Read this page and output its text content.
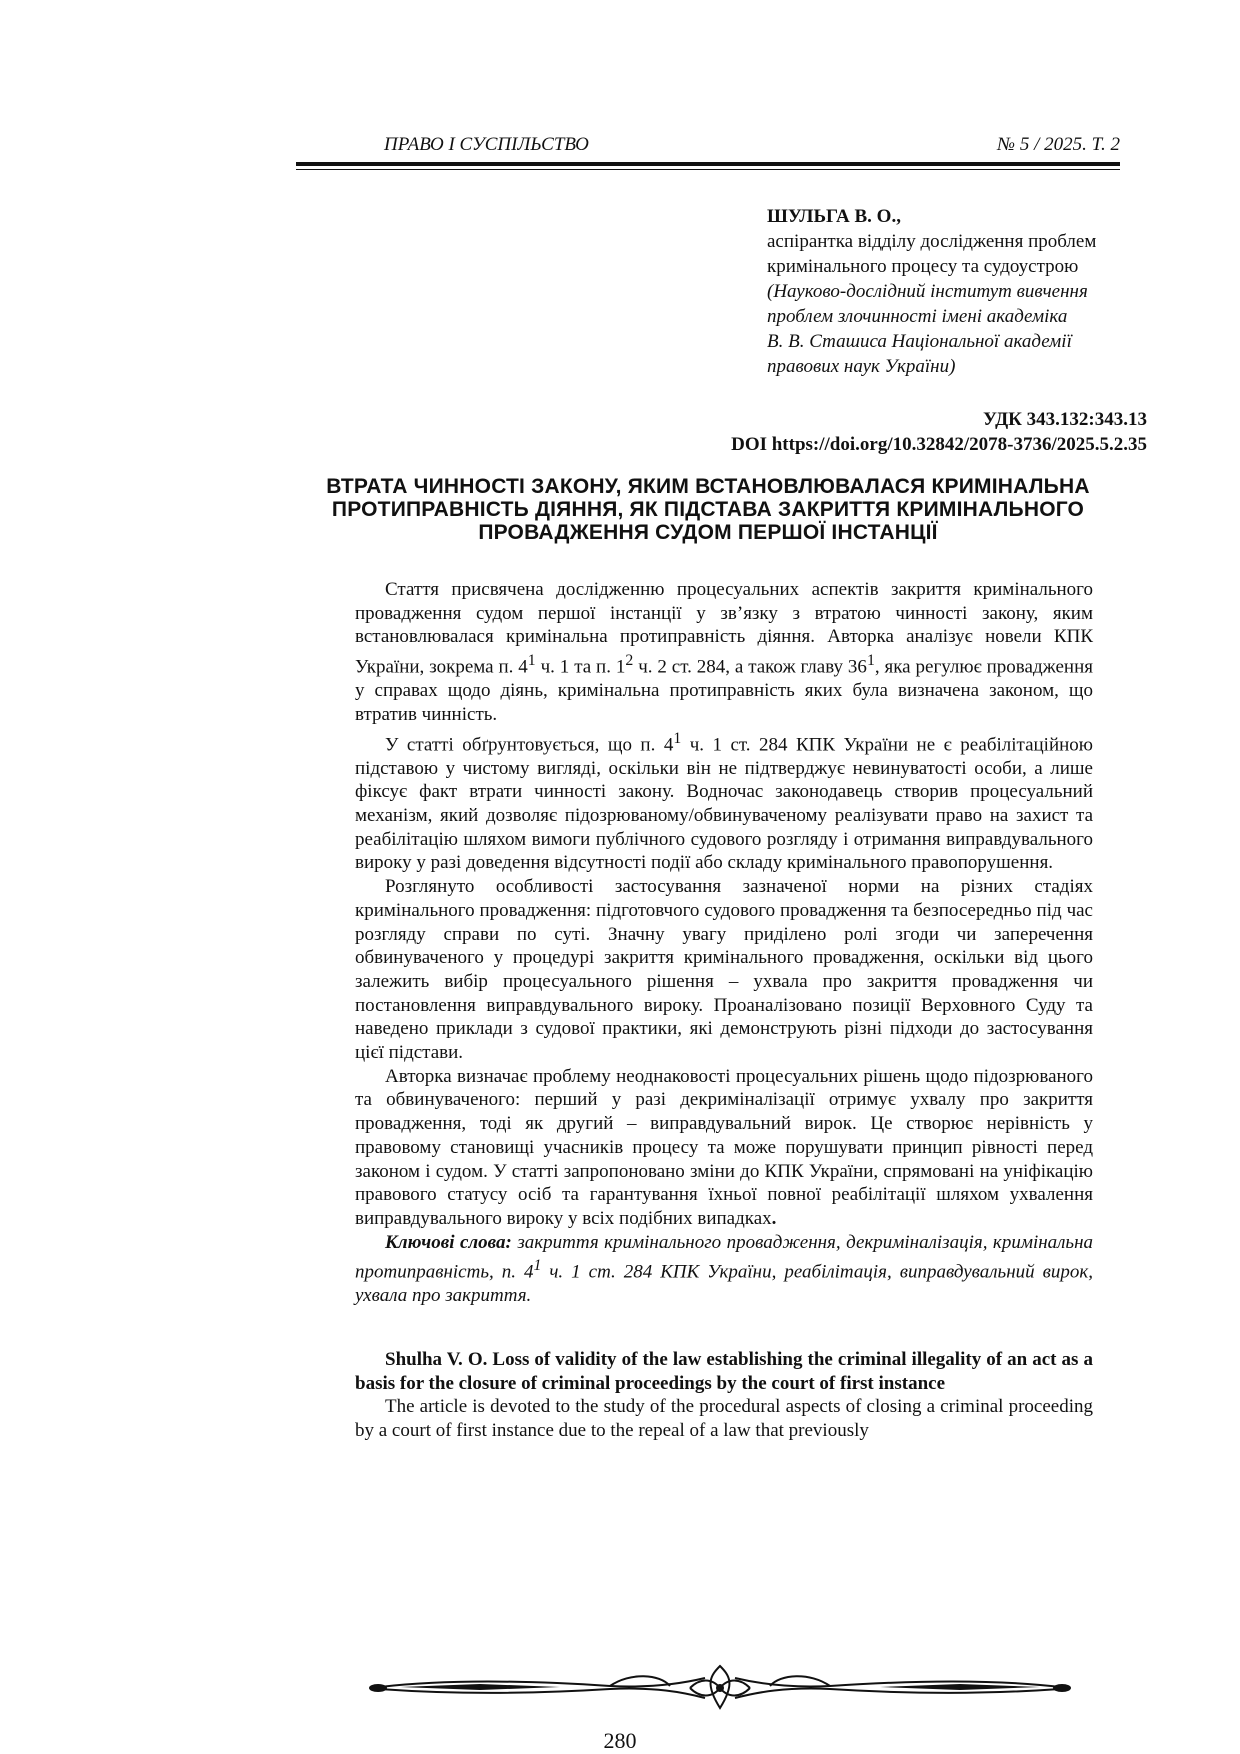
ПРАВО І СУСПІЛЬСТВО	№ 5 / 2025. Т. 2
ШУЛЬГА В. О.,
аспірантка відділу дослідження проблем
кримінального процесу та судоустрою
(Науково-дослідний інститут вивчення
проблем злочинності імені академіка
В. В. Сташиса Національної академії
правових наук України)
УДК 343.132:343.13
DOI https://doi.org/10.32842/2078-3736/2025.5.2.35
ВТРАТА ЧИННОСТІ ЗАКОНУ, ЯКИМ ВСТАНОВЛЮВАЛАСЯ КРИМІНАЛЬНА
ПРОТИПРАВНІСТЬ ДІЯННЯ, ЯК ПІДСТАВА ЗАКРИТТЯ КРИМІНАЛЬНОГО
ПРОВАДЖЕННЯ СУДОМ ПЕРШОЇ ІНСТАНЦІЇ

Стаття присвячена дослідженню процесуальних аспектів закриття кримінального провадження судом першої інстанції у зв’язку з втратою чинності закону, яким встановлювалася кримінальна протиправність діяння. Авторка аналізує новели КПК України, зокрема п. $4^1$ ч. 1 та п. $1^2$ ч. 2 ст. 284, а також главу $36^1$, яка регулює провадження у справах щодо діянь, кримінальна протиправність яких була визначена законом, що втратив чинність.

У статті обґрунтовується, що п. $4^1$ ч. 1 ст. 284 КПК України не є реабілітаційною підставою у чистому вигляді, оскільки він не підтверджує невинуватості особи, а лише фіксує факт втрати чинності закону. Водночас законодавець створив процесуальний механізм, який дозволяє підозрюваному/обвинуваченому реалізувати право на захист та реабілітацію шляхом вимоги публічного судового розгляду і отримання виправдувального вироку у разі доведення відсутності події або складу кримінального правопорушення.

Розглянуто особливості застосування зазначеної норми на різних стадіях кримінального провадження: підготовчого судового провадження та безпосередньо під час розгляду справи по суті. Значну увагу приділено ролі згоди чи заперечення обвинуваченого у процедурі закриття кримінального провадження, оскільки від цього залежить вибір процесуального рішення – ухвала про закриття провадження чи постановлення виправдувального вироку. Проаналізовано позиції Верховного Суду та наведено приклади з судової практики, які демонструють різні підходи до застосування цієї підстави.

Авторка визначає проблему неоднаковості процесуальних рішень щодо підозрюваного та обвинуваченого: перший у разі декриміналізації отримує ухвалу про закриття провадження, тоді як другий – виправдувальний вирок. Це створює нерівність у правовому становищі учасників процесу та може порушувати принцип рівності перед законом і судом. У статті запропоновано зміни до КПК України, спрямовані на уніфікацію правового статусу осіб та гарантування їхньої повної реабілітації шляхом ухвалення виправдувального вироку у всіх подібних випадках.

Ключові слова: закриття кримінального провадження, декриміналізація, кримінальна протиправність, п. $4^1$ ч. 1 ст. 284 КПК України, реабілітація, виправдувальний вирок, ухвала про закриття.

Shulha V. O. Loss of validity of the law establishing the criminal illegality of an act as a basis for the closure of criminal proceedings by the court of first instance

The article is devoted to the study of the procedural aspects of closing a criminal proceeding by a court of first instance due to the repeal of a law that previously

280
